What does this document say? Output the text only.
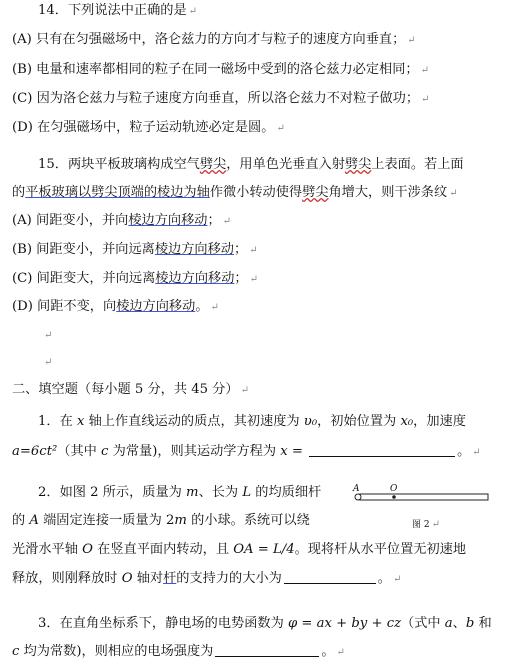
14．下列说法中正确的是 ↵
(A) 只有在匀强磁场中，洛仑兹力的方向才与粒子的速度方向垂直； ↵
(B) 电量和速率都相同的粒子在同一磁场中受到的洛仑兹力必定相同； ↵
(C) 因为洛仑兹力与粒子速度方向垂直，所以洛仑兹力不对粒子做功； ↵
(D) 在匀强磁场中，粒子运动轨迹必定是圆。 ↵
15．两块平板玻璃构成空气劈尖，用单色光垂直入射劈尖上表面。若上面
的平板玻璃以劈尖顶端的棱边为轴作微小转动使得劈尖角增大，则干涉条纹 ↵
(A) 间距变小，并向棱边方向移动； ↵
(B) 间距变小，并向远离棱边方向移动； ↵
(C) 间距变大，并向远离棱边方向移动； ↵
(D) 间距不变，向棱边方向移动。 ↵
↵
↵
二、填空题（每小题 5 分，共 45 分） ↵
1．在 x 轴上作直线运动的质点，其初速度为 υ₀，初始位置为 x₀，加速度
a=6ct²（其中 c 为常量)，则其运动学方程为 x =	。 ↵
2．如图 2 所示，质量为 m、长为 L 的均质细杆
的 A 端固定连接一质量为 2m 的小球。系统可以绕
光滑水平轴 O 在竖直平面内转动，且 OA = L/4。现将杆从水平位置无初速地
释放，则刚释放时 O 轴对杆的支持力的大小为	。 ↵
A	O
图 2 ↵
3．在直角坐标系下，静电场的电势函数为 φ = ax + by + cz（式中 a、b 和
c 均为常数)，则相应的电场强度为	。 ↵
